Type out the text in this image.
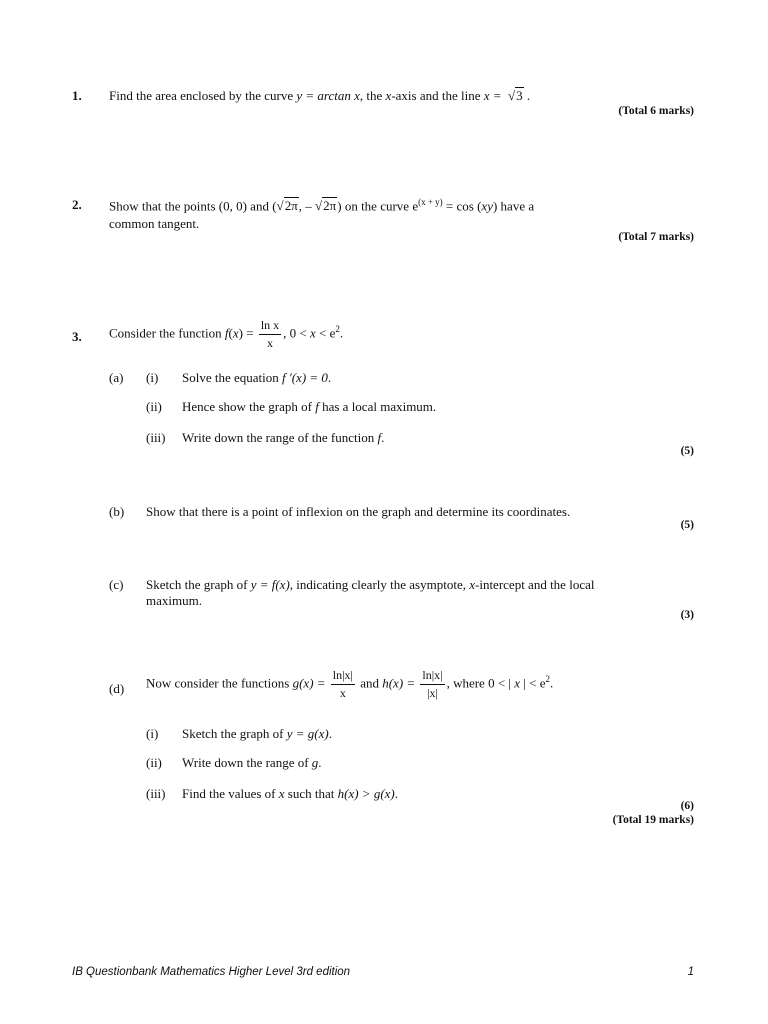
1. Find the area enclosed by the curve y = arctan x, the x-axis and the line x =  √3 .
(Total 6 marks)
2. Show that the points (0, 0) and (√2π, – √2π) on the curve $e^{(x + y)} = \cos (xy)$ have a
common tangent.
(Total 7 marks)
3. Consider the function $f(x) = \frac{\text{ln x}}{x}$ , $0 < x < e^2$.
(a) (i) Solve the equation f ′(x) = 0.
(ii) Hence show the graph of f has a local maximum.
(iii) Write down the range of the function f.
(5)
(b) Show that there is a point of inflexion on the graph and determine its coordinates.
(5)
(c) Sketch the graph of y = f(x), indicating clearly the asymptote, x-intercept and the local
maximum.
(3)
(d) Now consider the functions $g(x) = \frac{\ln|x|}{x}$ and $h(x) = \frac{\ln|x|}{|x|}$ , where 0 < | x | < $e^2$.
(i) Sketch the graph of y = g(x).
(ii) Write down the range of g.
(iii) Find the values of x such that h(x) > g(x).
(6)
(Total 19 marks)
IB Questionbank Mathematics Higher Level 3rd edition	1
